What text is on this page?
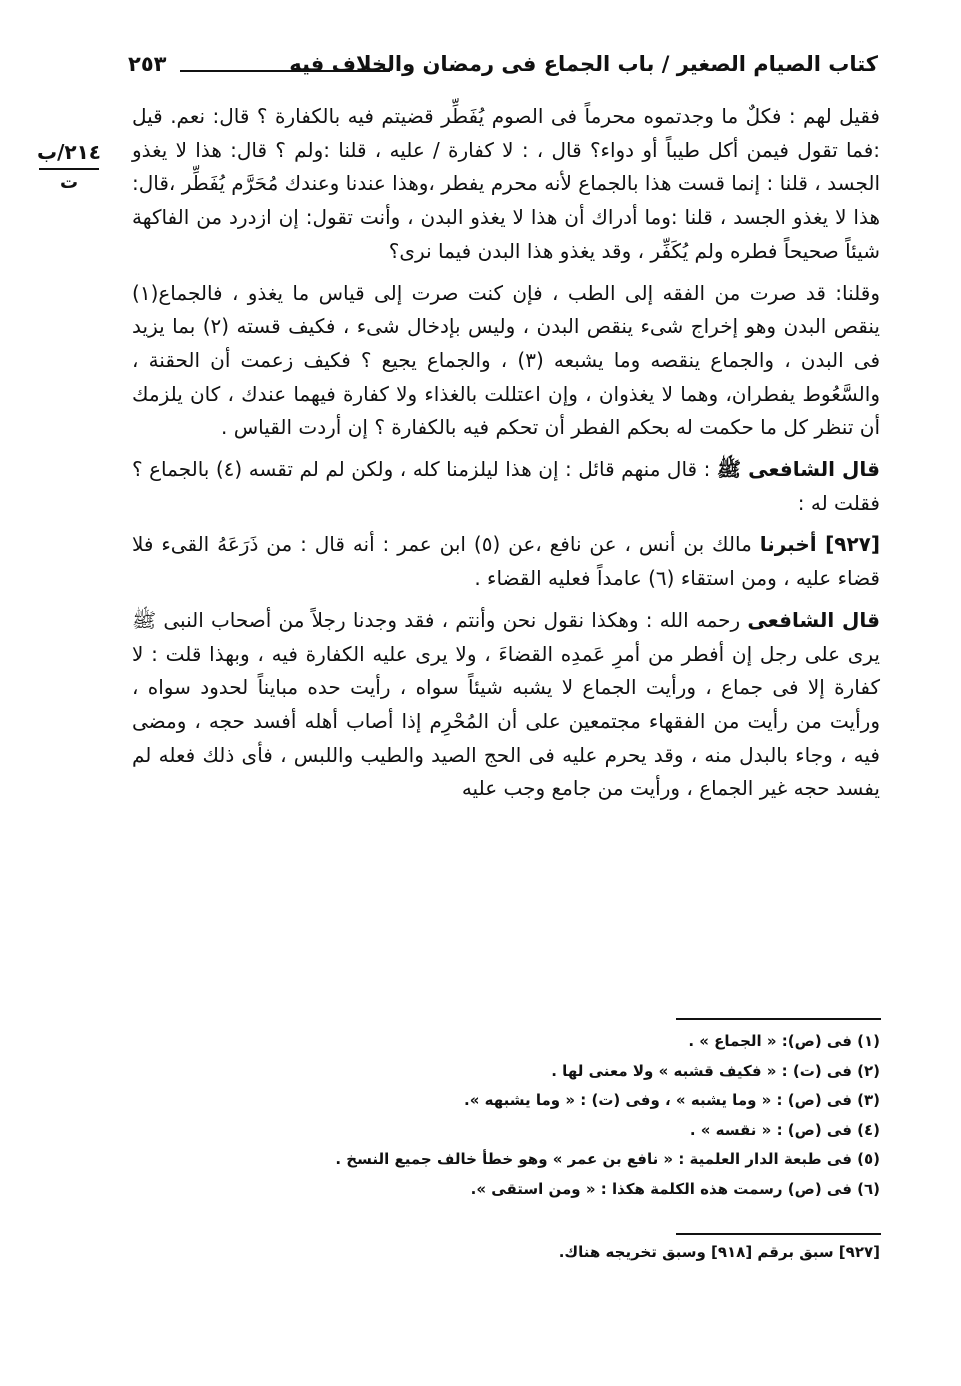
كتاب الصيام الصغير / باب الجماع فى رمضان والخلاف فيه
٢٥٣
٢١٤/ب
ت

فقيل لهم : فكلٌ ما وجدتموه محرماً فى الصوم يُفَطِّر قضيتم فيه بالكفارة ؟ قال: نعم. قيل :فما تقول فيمن أكل طيباً أو دواء؟ قال ، : لا كفارة / عليه ، قلنا :ولم ؟ قال: هذا لا يغذو الجسد ، قلنا : إنما قست هذا بالجماع لأنه محرم يفطر ،وهذا عندنا وعندك مُحَرَّم يُفَطِّر ،قال: هذا لا يغذو الجسد ، قلنا :وما أدراك أن هذا لا يغذو البدن ، وأنت تقول: إن ازدرد من الفاكهة شيئاً صحيحاً فطره ولم يُكَفِّر ، وقد يغذو هذا البدن فيما نرى؟

وقلنا: قد صرت من الفقه إلى الطب ، فإن كنت صرت إلى قياس ما يغذو ، فالجماع(١) ينقص البدن وهو إخراج شىء ينقص البدن ، وليس بإدخال شىء ، فكيف قسته (٢) بما يزيد فى البدن ، والجماع ينقصه وما يشبعه (٣) ، والجماع يجيع ؟ فكيف زعمت أن الحقنة ، والسَّعُوط يفطران، وهما لا يغذوان ، وإن اعتللت بالغذاء ولا كفارة فيهما عندك ، كان يلزمك أن تنظر كل ما حكمت له بحكم الفطر أن تحكم فيه بالكفارة ؟ إن أردت القياس .

قال الشافعى ﷺ : قال منهم قائل : إن هذا ليلزمنا كله ، ولكن لم لم تقسه (٤) بالجماع ؟ فقلت له :

[٩٢٧] أخبرنا مالك بن أنس ، عن نافع ،عن (٥) ابن عمر : أنه قال : من ذَرَعَهُ القىء فلا قضاء عليه ، ومن استقاء (٦) عامداً فعليه القضاء .

قال الشافعى رحمه الله : وهكذا نقول نحن وأنتم ، فقد وجدنا رجلاً من أصحاب النبى ﷺ يرى على رجل إن أفطر من أمرِ عَمدِه القضاءَ ، ولا يرى عليه الكفارة فيه ، وبهذا قلت : لا كفارة إلا فى جماع ، ورأيت الجماع لا يشبه شيئاً سواه ، رأيت حده مبايناً لحدود سواه ، ورأيت من رأيت من الفقهاء مجتمعين على أن المُحْرِم إذا أصاب أهله أفسد حجه ، ومضى فيه ، وجاء بالبدل منه ، وقد يحرم عليه فى الحج الصيد والطيب واللبس ، فأى ذلك فعله لم يفسد حجه غير الجماع ، ورأيت من جامع وجب عليه

(١) فى (ص): « الجماع » .
(٢) فى (ت) : « فكيف قشبه » ولا معنى لها .
(٣) فى (ص) : « وما يشبه » ، وفى (ت) : « وما يشبهه ».
(٤) فى (ص) : « نقسه » .
(٥) فى طبعة الدار العلمية : « نافع بن عمر » وهو خطأ خالف جميع النسخ .
(٦) فى (ص) رسمت هذه الكلمة هكذا : « ومن استقى ».
[٩٢٧] سبق برقم [٩١٨] وسبق تخريجه هناك.
